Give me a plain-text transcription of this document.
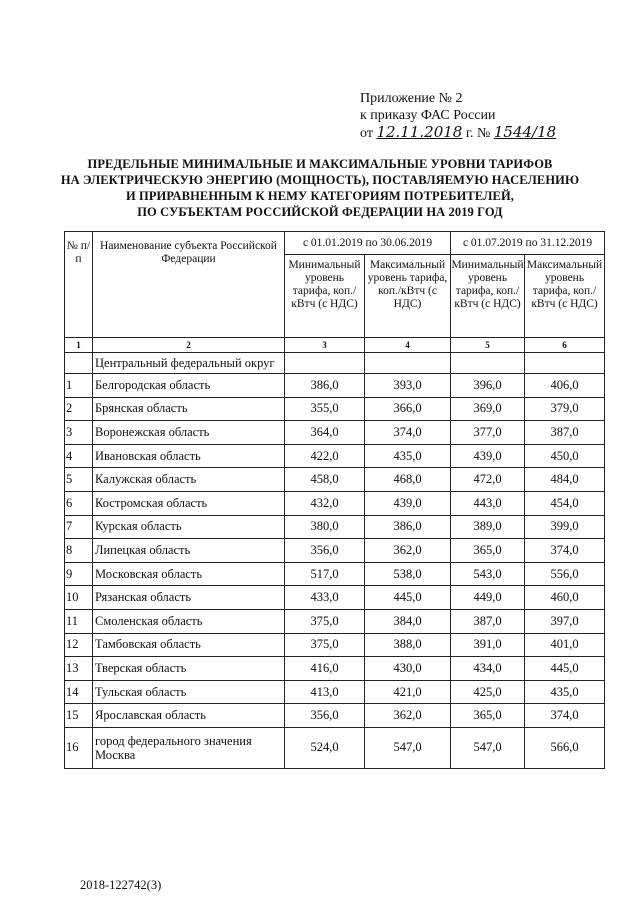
Приложение № 2
к приказу ФАС России
от 12.11.2018 г. № 1544/18
ПРЕДЕЛЬНЫЕ МИНИМАЛЬНЫЕ И МАКСИМАЛЬНЫЕ УРОВНИ ТАРИФОВ
НА ЭЛЕКТРИЧЕСКУЮ ЭНЕРГИЮ (МОЩНОСТЬ), ПОСТАВЛЯЕМУЮ НАСЕЛЕНИЮ
И ПРИРАВНЕННЫМ К НЕМУ КАТЕГОРИЯМ ПОТРЕБИТЕЛЕЙ,
ПО СУБЪЕКТАМ РОССИЙСКОЙ ФЕДЕРАЦИИ НА 2019 ГОД
№ п/п	Наименование субъекта Российской Федерации	с 01.01.2019 по 30.06.2019		с 01.07.2019 по 31.12.2019	
		Минимальный уровень тарифа, коп./кВтч (с НДС)	Максимальный уровень тарифа, коп./кВтч (с НДС)	Минимальный уровень тарифа, коп./кВтч (с НДС)	Максимальный уровень тарифа, коп./кВтч (с НДС)
1	2	3	4	5	6
	Центральный федеральный округ				
1	Белгородская область	386,0	393,0	396,0	406,0
2	Брянская область	355,0	366,0	369,0	379,0
3	Воронежская область	364,0	374,0	377,0	387,0
4	Ивановская область	422,0	435,0	439,0	450,0
5	Калужская область	458,0	468,0	472,0	484,0
6	Костромская область	432,0	439,0	443,0	454,0
7	Курская область	380,0	386,0	389,0	399,0
8	Липецкая область	356,0	362,0	365,0	374,0
9	Московская область	517,0	538,0	543,0	556,0
10	Рязанская область	433,0	445,0	449,0	460,0
11	Смоленская область	375,0	384,0	387,0	397,0
12	Тамбовская область	375,0	388,0	391,0	401,0
13	Тверская область	416,0	430,0	434,0	445,0
14	Тульская область	413,0	421,0	425,0	435,0
15	Ярославская область	356,0	362,0	365,0	374,0
16	город федерального значения Москва	524,0	547,0	547,0	566,0
2018-122742(3)
